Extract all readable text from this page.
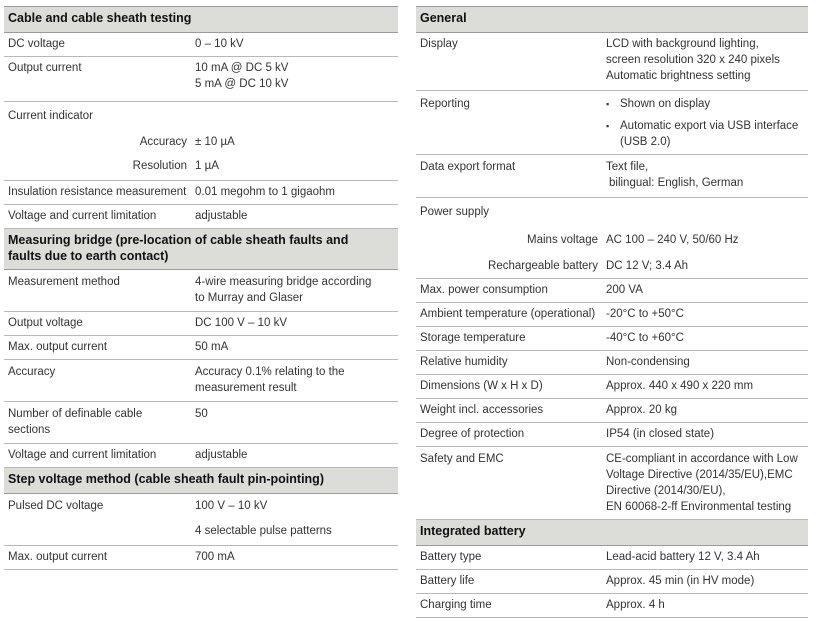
Cable and cable sheath testing	
DC voltage	0 – 10 kV
Output current	10 mA @ DC 5 kV
5 mA @ DC 10 kV

Current indicator	
Accuracy	± 10 µA
Resolution	1 µA
Insulation resistance measurement	0.01 megohm to 1 gigaohm
Voltage and current limitation	adjustable

Measuring bridge (pre-location of cable sheath faults and
faults due to earth contact)	

Measurement method	4-wire measuring bridge according
to Murray and Glaser

Output voltage	DC 100 V – 10 kV
Max. output current	50 mA
Accuracy	Accuracy 0.1% relating to the
measurement result

Number of definable cable
sections	50
Voltage and current limitation	adjustable
Step voltage method (cable sheath fault pin-pointing)	
Pulsed DC voltage	100 V – 10 kV
	4 selectable pulse patterns
Max. output current	700 mA
General	
Display	LCD with background lighting,
screen resolution 320 x 240 pixels
Automatic brightness setting

Reporting	▪ Shown on display
▪ Automatic export via USB interface
(USB 2.0)

Data export format	Text file,
bilingual: English, German

Power supply	
Mains voltage	AC 100 – 240 V, 50/60 Hz
Rechargeable battery	DC 12 V; 3.4 Ah
Max. power consumption	200 VA
Ambient temperature (operational)	-20°C to +50°C
Storage temperature	-40°C to +60°C
Relative humidity	Non-condensing
Dimensions (W x H x D)	Approx. 440 x 490 x 220 mm
Weight incl. accessories	Approx. 20 kg
Degree of protection	IP54 (in closed state)
Safety and EMC	CE-compliant in accordance with Low
Voltage Directive (2014/35/EU),EMC
Directive (2014/30/EU),
EN 60068-2-ff Environmental testing

Integrated battery	
Battery type	Lead-acid battery 12 V, 3.4 Ah
Battery life	Approx. 45 min (in HV mode)
Charging time	Approx. 4 h
